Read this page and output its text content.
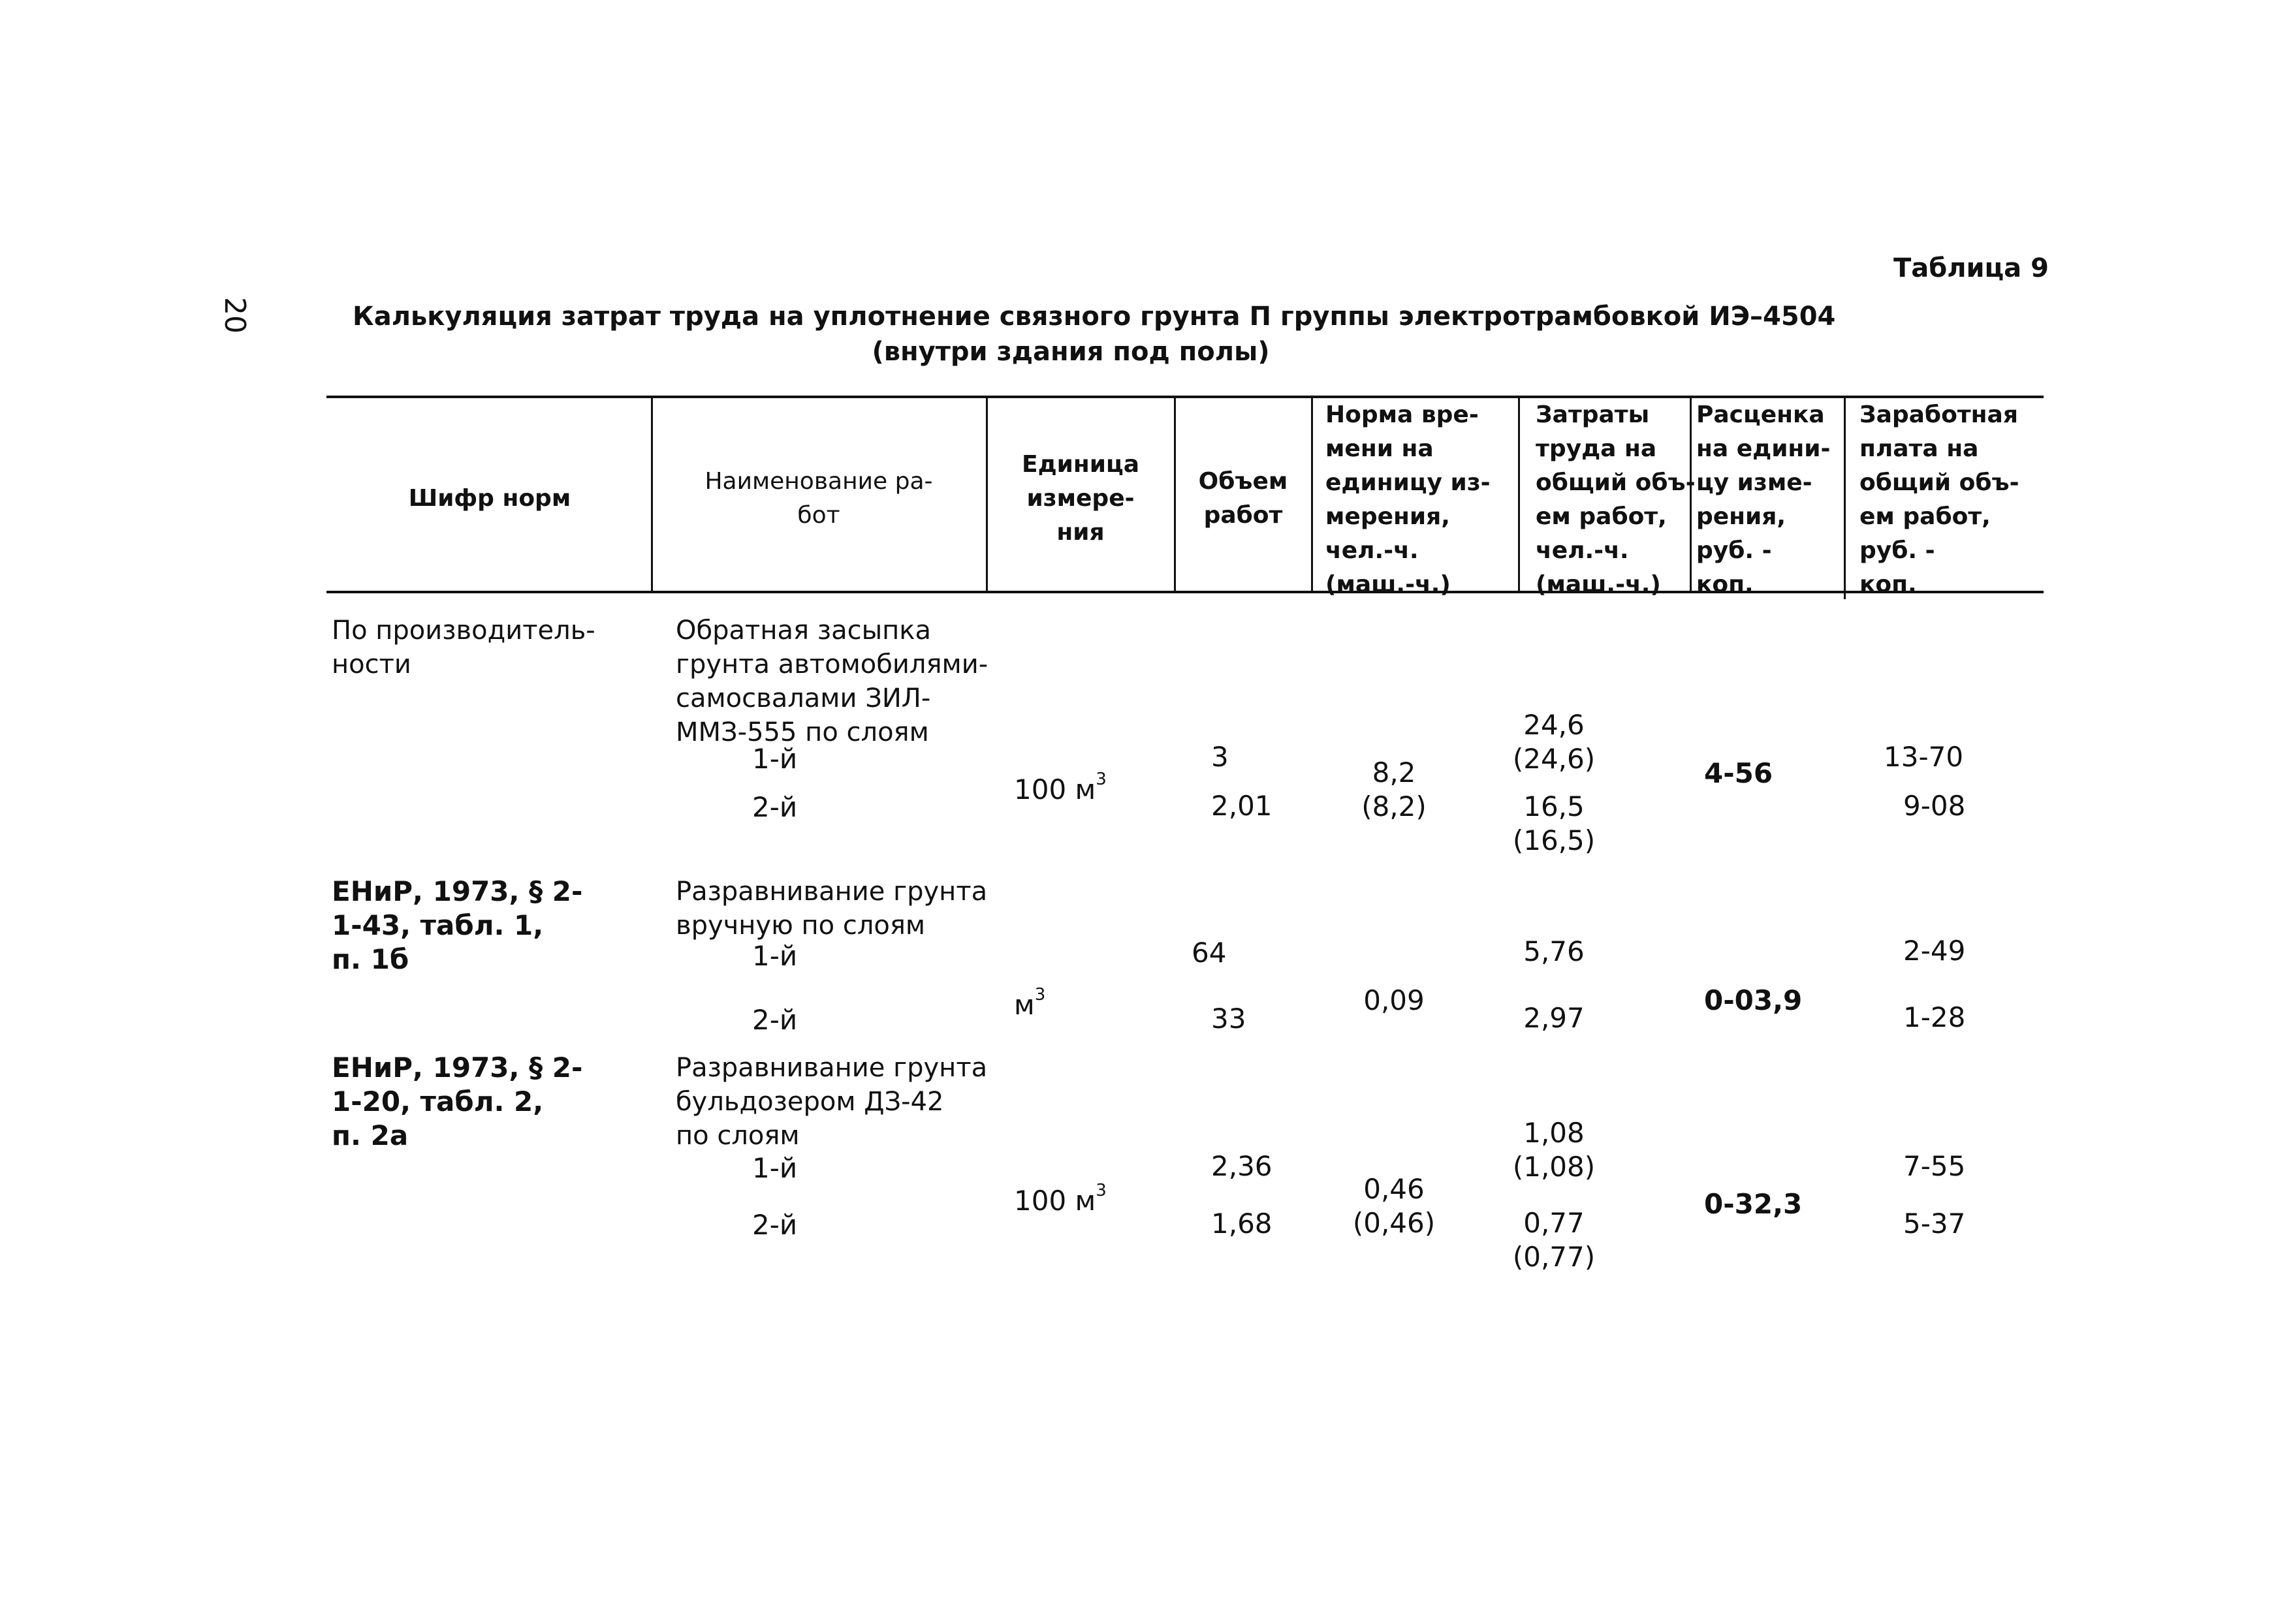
20
Таблица 9
Калькуляция затрат труда на уплотнение связного грунта П группы электротрамбовкой ИЭ–4504
(внутри здания под полы)
Шифр норм
Наименование ра-
бот
Единица
измере-
ния
Объем
работ
Норма вре-
мени на
единицу из-
мерения,
чел.-ч.
(маш.-ч.)
Затраты
труда на
общий объ-
ем работ,
чел.-ч.
(маш.-ч.)
Расценка
на едини-
цу изме-
рения,
руб. -
коп.
Заработная
плата на
общий объ-
ем работ,
руб. -
коп.
По производитель-
ности
Обратная засыпка
грунта автомобилями-
самосвалами ЗИЛ-
ММЗ-555 по слоям
1-й
2-й
100 $м^3$
3
2,01
8,2
(8,2)
24,6
(24,6)
16,5
(16,5)
4-56
13-70
9-08
ЕНиР, 1973, § 2-
1-43, табл. 1,
п. 1б
Разравнивание грунта
вручную по слоям
1-й
2-й	$м^3$
64
33
0,09
5,76
2,97
0-03,9
2-49
1-28
ЕНиР, 1973, § 2-
1-20, табл. 2,
п. 2а
Разравнивание грунта
бульдозером ДЗ-42
по слоям
1-й
2-й
100 $м^3$
2,36
1,68
0,46
(0,46)
1,08
(1,08)
0,77
(0,77)
0-32,3
7-55
5-37
